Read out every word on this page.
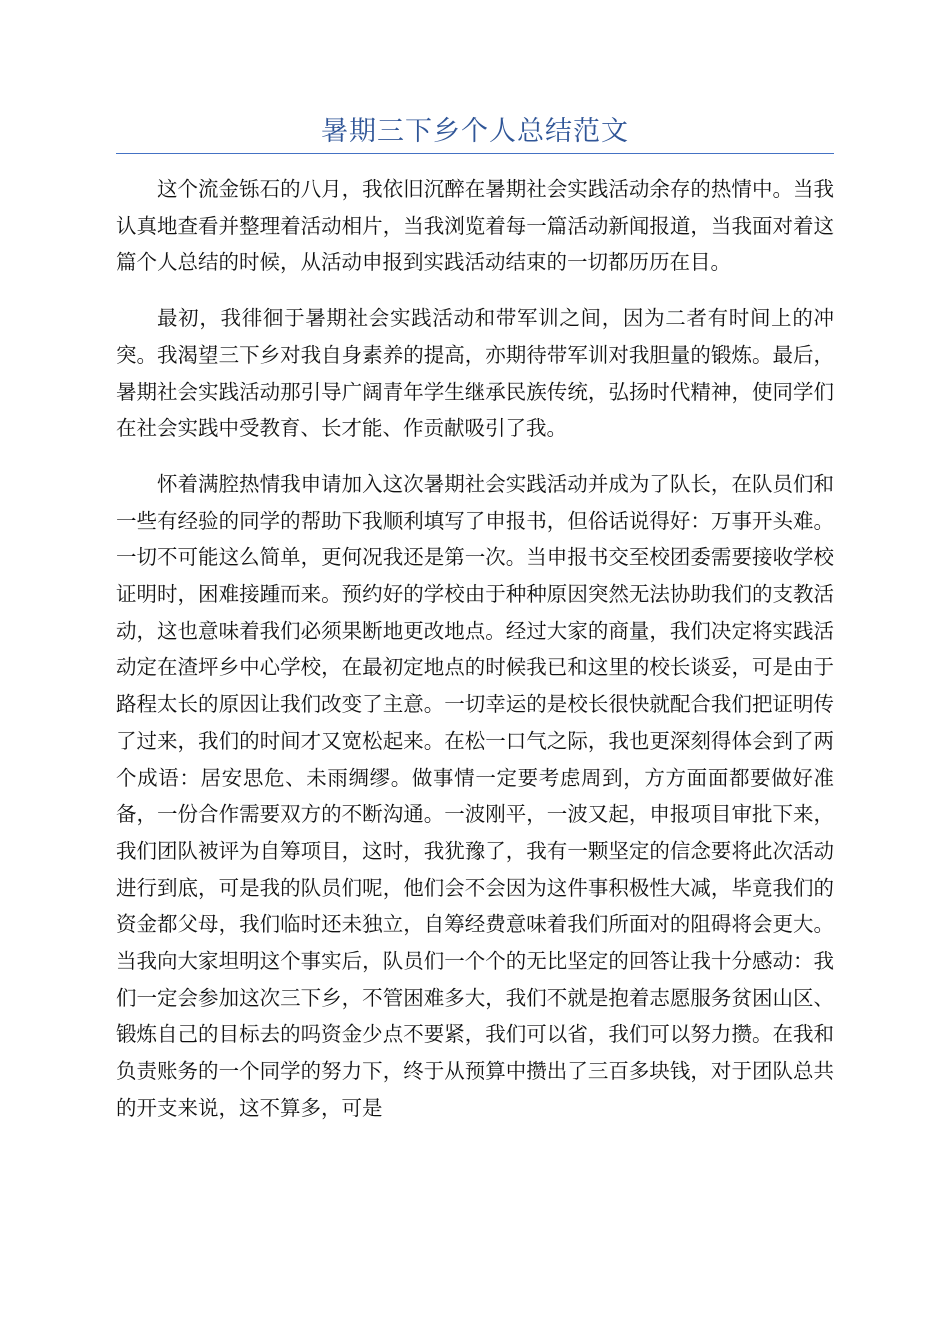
暑期三下乡个人总结范文

这个流金铄石的八月，我依旧沉醉在暑期社会实践活动余存的热情中。当我认真地查看并整理着活动相片，当我浏览着每一篇活动新闻报道，当我面对着这篇个人总结的时候，从活动申报到实践活动结束的一切都历历在目。

最初，我徘徊于暑期社会实践活动和带军训之间，因为二者有时间上的冲突。我渴望三下乡对我自身素养的提高，亦期待带军训对我胆量的锻炼。最后，暑期社会实践活动那引导广阔青年学生继承民族传统，弘扬时代精神，使同学们在社会实践中受教育、长才能、作贡献吸引了我。

怀着满腔热情我申请加入这次暑期社会实践活动并成为了队长，在队员们和一些有经验的同学的帮助下我顺利填写了申报书，但俗话说得好：万事开头难。一切不可能这么简单，更何况我还是第一次。当申报书交至校团委需要接收学校证明时，困难接踵而来。预约好的学校由于种种原因突然无法协助我们的支教活动，这也意味着我们必须果断地更改地点。经过大家的商量，我们决定将实践活动定在渣坪乡中心学校，在最初定地点的时候我已和这里的校长谈妥，可是由于路程太长的原因让我们改变了主意。一切幸运的是校长很快就配合我们把证明传了过来，我们的时间才又宽松起来。在松一口气之际，我也更深刻得体会到了两个成语：居安思危、未雨绸缪。做事情一定要考虑周到，方方面面都要做好准备，一份合作需要双方的不断沟通。一波刚平，一波又起，申报项目审批下来，我们团队被评为自筹项目，这时，我犹豫了，我有一颗坚定的信念要将此次活动进行到底，可是我的队员们呢，他们会不会因为这件事积极性大减，毕竟我们的资金都父母，我们临时还未独立，自筹经费意味着我们所面对的阻碍将会更大。当我向大家坦明这个事实后，队员们一个个的无比坚定的回答让我十分感动：我们一定会参加这次三下乡，不管困难多大，我们不就是抱着志愿服务贫困山区、锻炼自己的目标去的吗资金少点不要紧，我们可以省，我们可以努力攒。在我和负责账务的一个同学的努力下，终于从预算中攒出了三百多块钱，对于团队总共的开支来说，这不算多，可是
